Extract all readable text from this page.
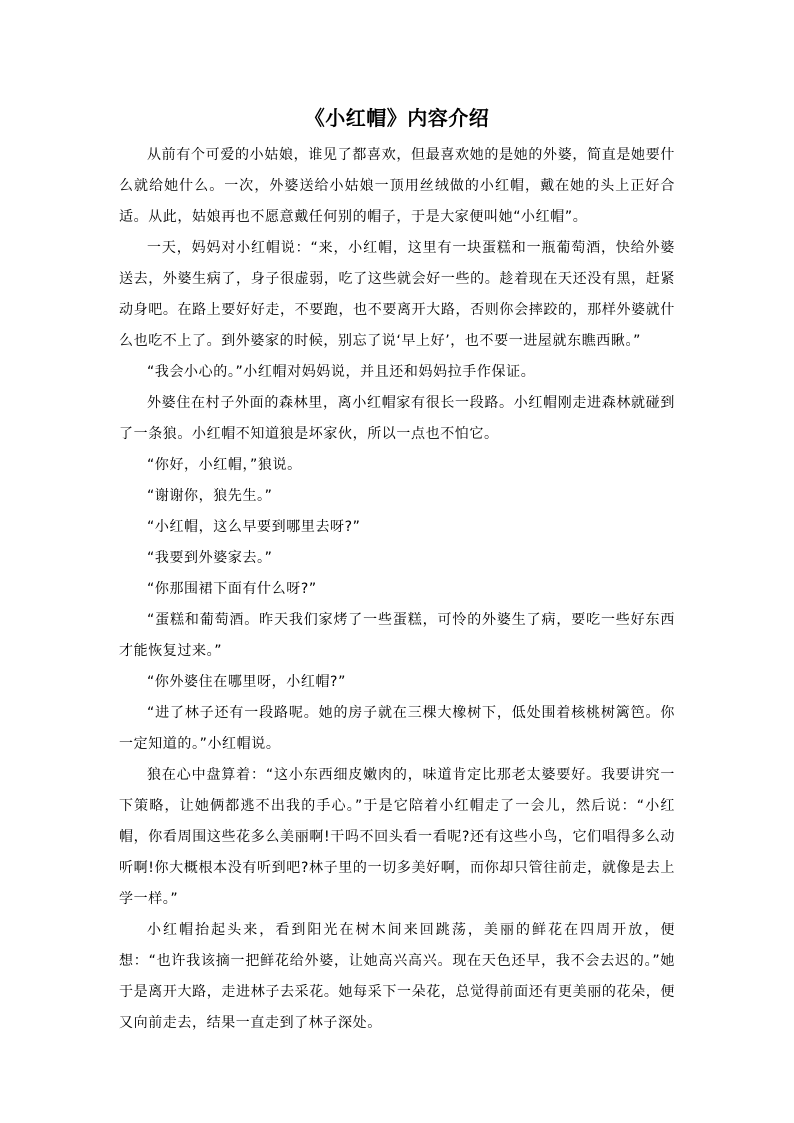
《小红帽》内容介绍

从前有个可爱的小姑娘，谁见了都喜欢，但最喜欢她的是她的外婆，简直是她要什么就给她什么。一次，外婆送给小姑娘一顶用丝绒做的小红帽，戴在她的头上正好合适。从此，姑娘再也不愿意戴任何别的帽子，于是大家便叫她“小红帽”。

一天，妈妈对小红帽说：“来，小红帽，这里有一块蛋糕和一瓶葡萄酒，快给外婆送去，外婆生病了，身子很虚弱，吃了这些就会好一些的。趁着现在天还没有黑，赶紧动身吧。在路上要好好走，不要跑，也不要离开大路，否则你会摔跤的，那样外婆就什么也吃不上了。到外婆家的时候，别忘了说‘早上好’，也不要一进屋就东瞧西瞅。”

“我会小心的。”小红帽对妈妈说，并且还和妈妈拉手作保证。

外婆住在村子外面的森林里，离小红帽家有很长一段路。小红帽刚走进森林就碰到了一条狼。小红帽不知道狼是坏家伙，所以一点也不怕它。

“你好，小红帽，”狼说。

“谢谢你，狼先生。”

“小红帽，这么早要到哪里去呀?”

“我要到外婆家去。”

“你那围裙下面有什么呀?”

“蛋糕和葡萄酒。昨天我们家烤了一些蛋糕，可怜的外婆生了病，要吃一些好东西才能恢复过来。”

“你外婆住在哪里呀，小红帽?”

“进了林子还有一段路呢。她的房子就在三棵大橡树下，低处围着核桃树篱笆。你一定知道的。”小红帽说。

狼在心中盘算着：“这小东西细皮嫩肉的，味道肯定比那老太婆要好。我要讲究一下策略，让她俩都逃不出我的手心。”于是它陪着小红帽走了一会儿，然后说：“小红帽，你看周围这些花多么美丽啊!干吗不回头看一看呢?还有这些小鸟，它们唱得多么动听啊!你大概根本没有听到吧?林子里的一切多美好啊，而你却只管往前走，就像是去上学一样。”

小红帽抬起头来，看到阳光在树木间来回跳荡，美丽的鲜花在四周开放，便想：“也许我该摘一把鲜花给外婆，让她高兴高兴。现在天色还早，我不会去迟的。”她于是离开大路，走进林子去采花。她每采下一朵花，总觉得前面还有更美丽的花朵，便又向前走去，结果一直走到了林子深处。
